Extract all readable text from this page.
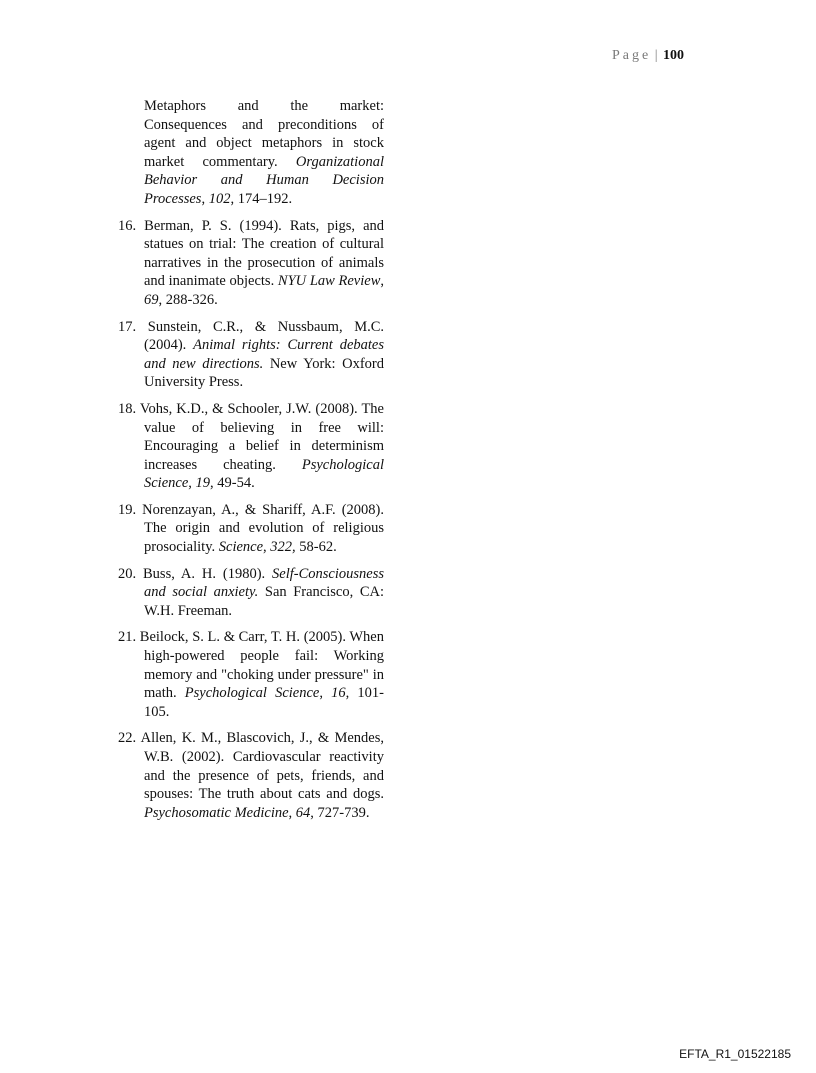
Page | 100

Metaphors and the market: Consequences and preconditions of agent and object metaphors in stock market commentary. Organizational Behavior and Human Decision Processes, 102, 174–192.

16. Berman, P. S. (1994). Rats, pigs, and statues on trial: The creation of cultural narratives in the prosecution of animals and inanimate objects. NYU Law Review, 69, 288-326.

17. Sunstein, C.R., & Nussbaum, M.C. (2004). Animal rights: Current debates and new directions. New York: Oxford University Press.

18. Vohs, K.D., & Schooler, J.W. (2008). The value of believing in free will: Encouraging a belief in determinism increases cheating. Psychological Science, 19, 49-54.

19. Norenzayan, A., & Shariff, A.F. (2008). The origin and evolution of religious prosociality. Science, 322, 58-62.

20. Buss, A. H. (1980). Self-Consciousness and social anxiety. San Francisco, CA: W.H. Freeman.

21. Beilock, S. L. & Carr, T. H. (2005). When high-powered people fail: Working memory and "choking under pressure" in math. Psychological Science, 16, 101-105.

22. Allen, K. M., Blascovich, J., & Mendes, W.B. (2002). Cardiovascular reactivity and the presence of pets, friends, and spouses: The truth about cats and dogs. Psychosomatic Medicine, 64, 727-739.

EFTA_R1_01522185
